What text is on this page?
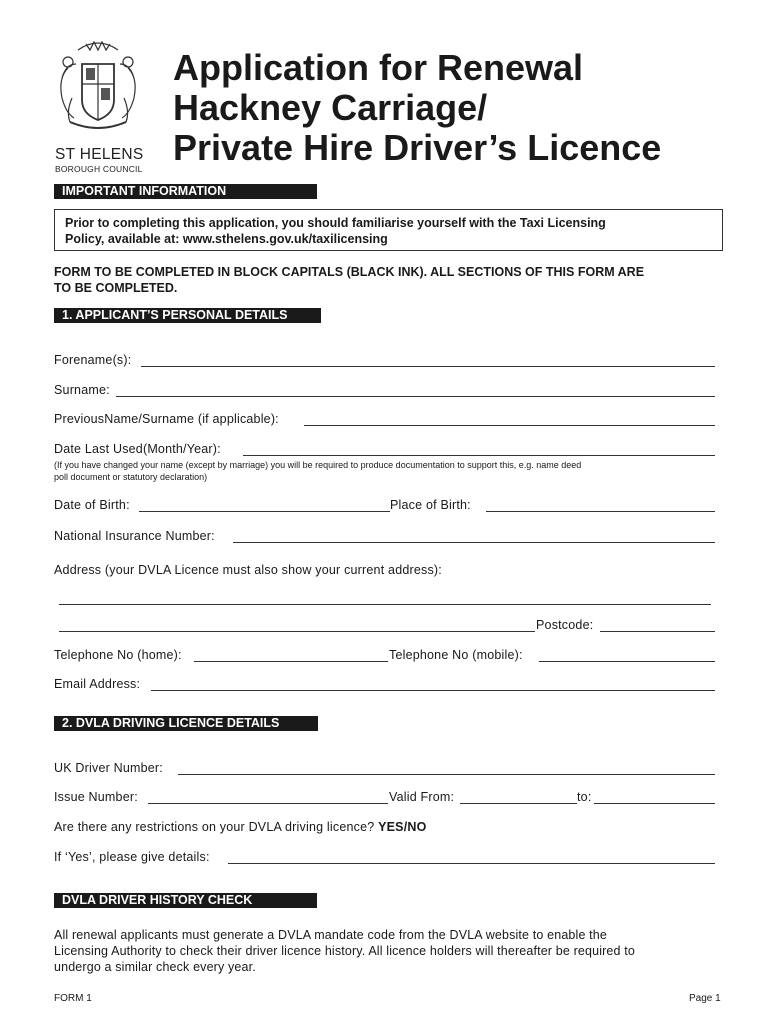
ST HELENS
BOROUGH COUNCIL
Application for Renewal
Hackney Carriage/
Private Hire Driver’s Licence
IMPORTANT INFORMATION
Prior to completing this application, you should familiarise yourself with the Taxi Licensing
Policy, available at: www.sthelens.gov.uk/taxilicensing
FORM TO BE COMPLETED IN BLOCK CAPITALS (BLACK INK). ALL SECTIONS OF THIS FORM ARE
TO BE COMPLETED.
1. APPLICANT’S PERSONAL DETAILS
Forename(s):
Surname:
PreviousName/Surname (if applicable):
Date Last Used(Month/Year):
(If you have changed your name (except by marriage) you will be required to produce documentation to support this, e.g. name deed
poll document or statutory declaration)
Date of Birth:	Place of Birth:
National Insurance Number:
Address (your DVLA Licence must also show your current address):
Postcode:
Telephone No (home):	Telephone No (mobile):
Email Address:
2. DVLA DRIVING LICENCE DETAILS
UK Driver Number:
Issue Number:	Valid From:	to:
Are there any restrictions on your DVLA driving licence? YES/NO
If ‘Yes’, please give details:
DVLA DRIVER HISTORY CHECK
All renewal applicants must generate a DVLA mandate code from the DVLA website to enable the
Licensing Authority to check their driver licence history. All licence holders will thereafter be required to
undergo a similar check every year.
FORM 1	Page 1
